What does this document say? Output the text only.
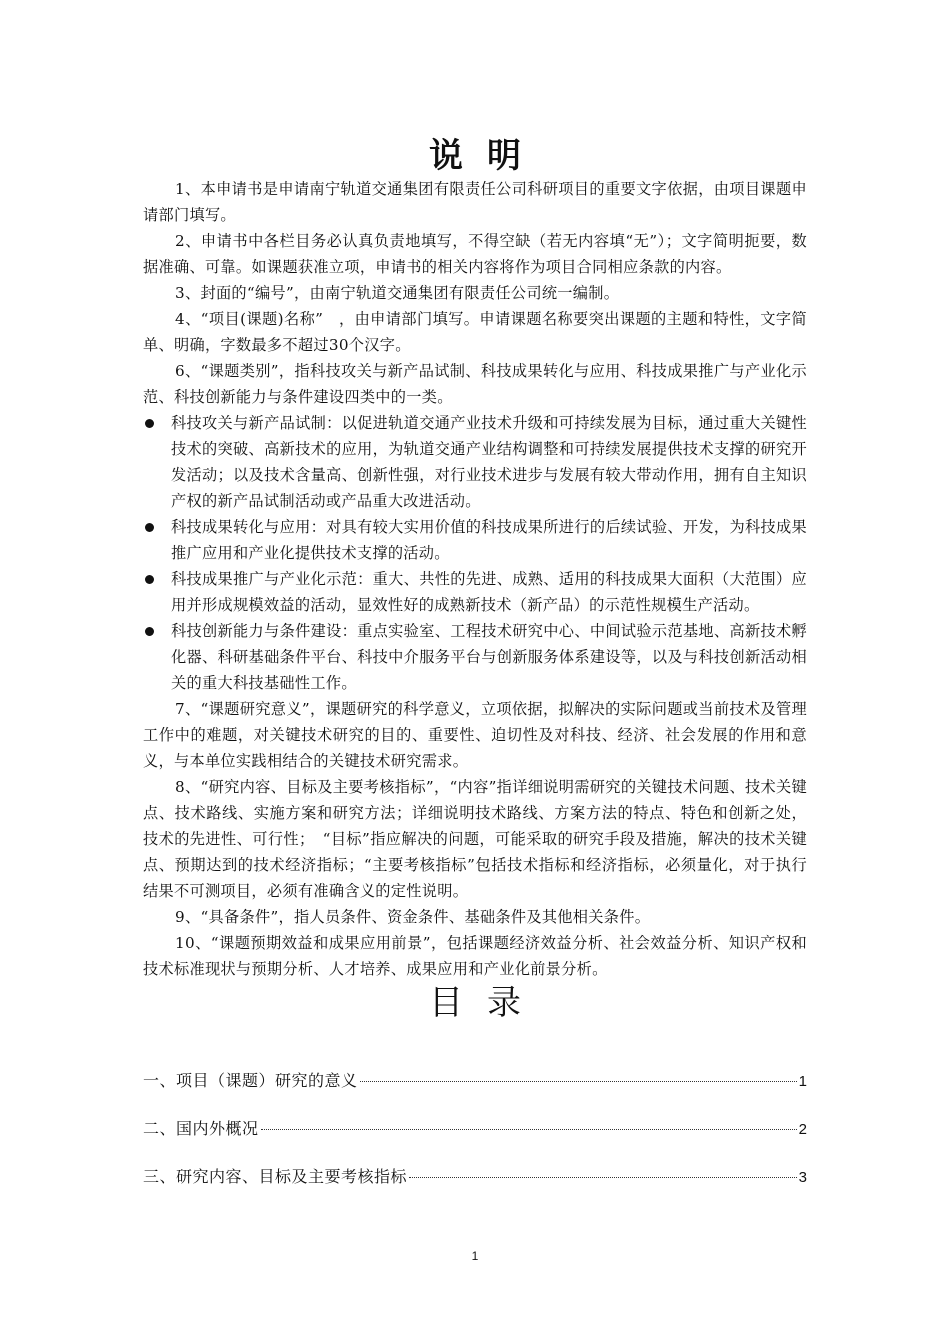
说明

1、本申请书是申请南宁轨道交通集团有限责任公司科研项目的重要文字依据，由项目课题申请部门填写。

2、申请书中各栏目务必认真负责地填写，不得空缺（若无内容填“无”）；文字简明扼要，数据准确、可靠。如课题获准立项，申请书的相关内容将作为项目合同相应条款的内容。

3、封面的“编号”，由南宁轨道交通集团有限责任公司统一编制。

4、“项目(课题)名称”　，由申请部门填写。申请课题名称要突出课题的主题和特性，文字简单、明确，字数最多不超过30个汉字。

6、“课题类别”，指科技攻关与新产品试制、科技成果转化与应用、科技成果推广与产业化示范、科技创新能力与条件建设四类中的一类。

科技攻关与新产品试制：以促进轨道交通产业技术升级和可持续发展为目标，通过重大关键性技术的突破、高新技术的应用，为轨道交通产业结构调整和可持续发展提供技术支撑的研究开发活动；以及技术含量高、创新性强，对行业技术进步与发展有较大带动作用，拥有自主知识产权的新产品试制活动或产品重大改进活动。
科技成果转化与应用：对具有较大实用价值的科技成果所进行的后续试验、开发，为科技成果推广应用和产业化提供技术支撑的活动。
科技成果推广与产业化示范：重大、共性的先进、成熟、适用的科技成果大面积（大范围）应用并形成规模效益的活动，显效性好的成熟新技术（新产品）的示范性规模生产活动。
科技创新能力与条件建设：重点实验室、工程技术研究中心、中间试验示范基地、高新技术孵化器、科研基础条件平台、科技中介服务平台与创新服务体系建设等，以及与科技创新活动相关的重大科技基础性工作。

7、“课题研究意义”，课题研究的科学意义，立项依据，拟解决的实际问题或当前技术及管理工作中的难题，对关键技术研究的目的、重要性、迫切性及对科技、经济、社会发展的作用和意义，与本单位实践相结合的关键技术研究需求。

8、“研究内容、目标及主要考核指标”，“内容”指详细说明需研究的关键技术问题、技术关键点、技术路线、实施方案和研究方法；详细说明技术路线、方案方法的特点、特色和创新之处，技术的先进性、可行性；　“目标”指应解决的问题，可能采取的研究手段及措施，解决的技术关键点、预期达到的技术经济指标；“主要考核指标”包括技术指标和经济指标，必须量化，对于执行结果不可测项目，必须有准确含义的定性说明。

9、“具备条件”，指人员条件、资金条件、基础条件及其他相关条件。

10、“课题预期效益和成果应用前景”，包括课题经济效益分析、社会效益分析、知识产权和技术标准现状与预期分析、人才培养、成果应用和产业化前景分析。

目录
一、项目（课题）研究的意义	1
二、国内外概况	2
三、研究内容、目标及主要考核指标	3
1
